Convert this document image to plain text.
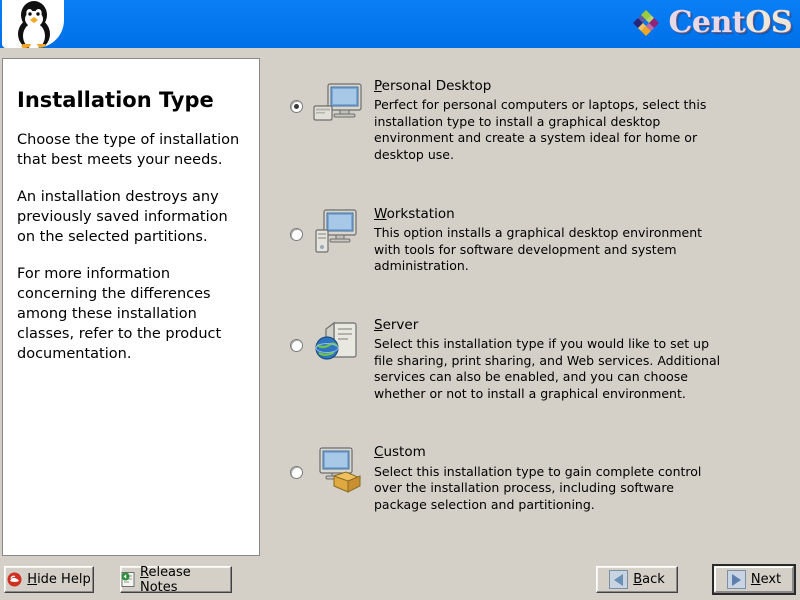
CentOS
Installation Type

Choose the type of installation that best meets your needs.

An installation destroys any previously saved information on the selected partitions.

For more information concerning the differences among these installation classes, refer to the product documentation.

Personal Desktop
Perfect for personal computers or laptops, select this installation type to install a graphical desktop environment and create a system ideal for home or desktop use.
Workstation
This option installs a graphical desktop environment with tools for software development and system administration.
Server
Select this installation type if you would like to set up file sharing, print sharing, and Web services. Additional services can also be enabled, and you can choose whether or not to install a graphical environment.
Custom
Select this installation type to gain complete control over the installation process, including software package selection and partitioning.
Hide Help	Release Notes	Back	Next
